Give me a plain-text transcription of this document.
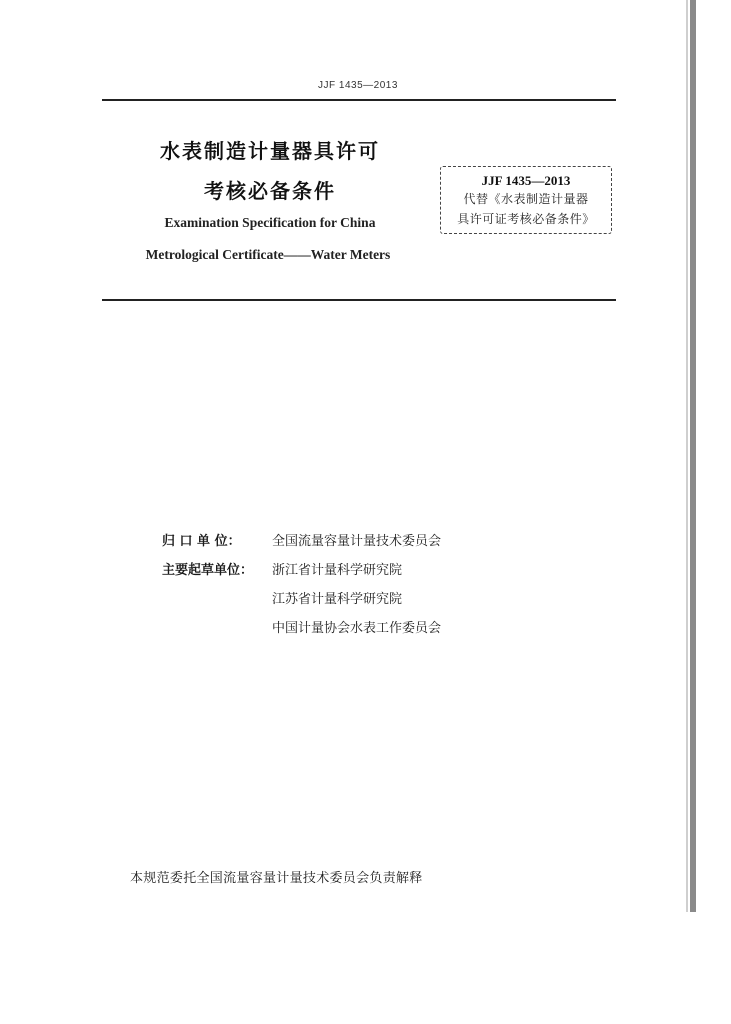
JJF 1435—2013
水表制造计量器具许可
考核必备条件
Examination Specification for China
Metrological Certificate——Water Meters
JJF 1435—2013
代替《水表制造计量器
具许可证考核必备条件》
归 口 单 位：	全国流量容量计量技术委员会
主要起草单位：	浙江省计量科学研究院
江苏省计量科学研究院
中国计量协会水表工作委员会
本规范委托全国流量容量计量技术委员会负责解释
